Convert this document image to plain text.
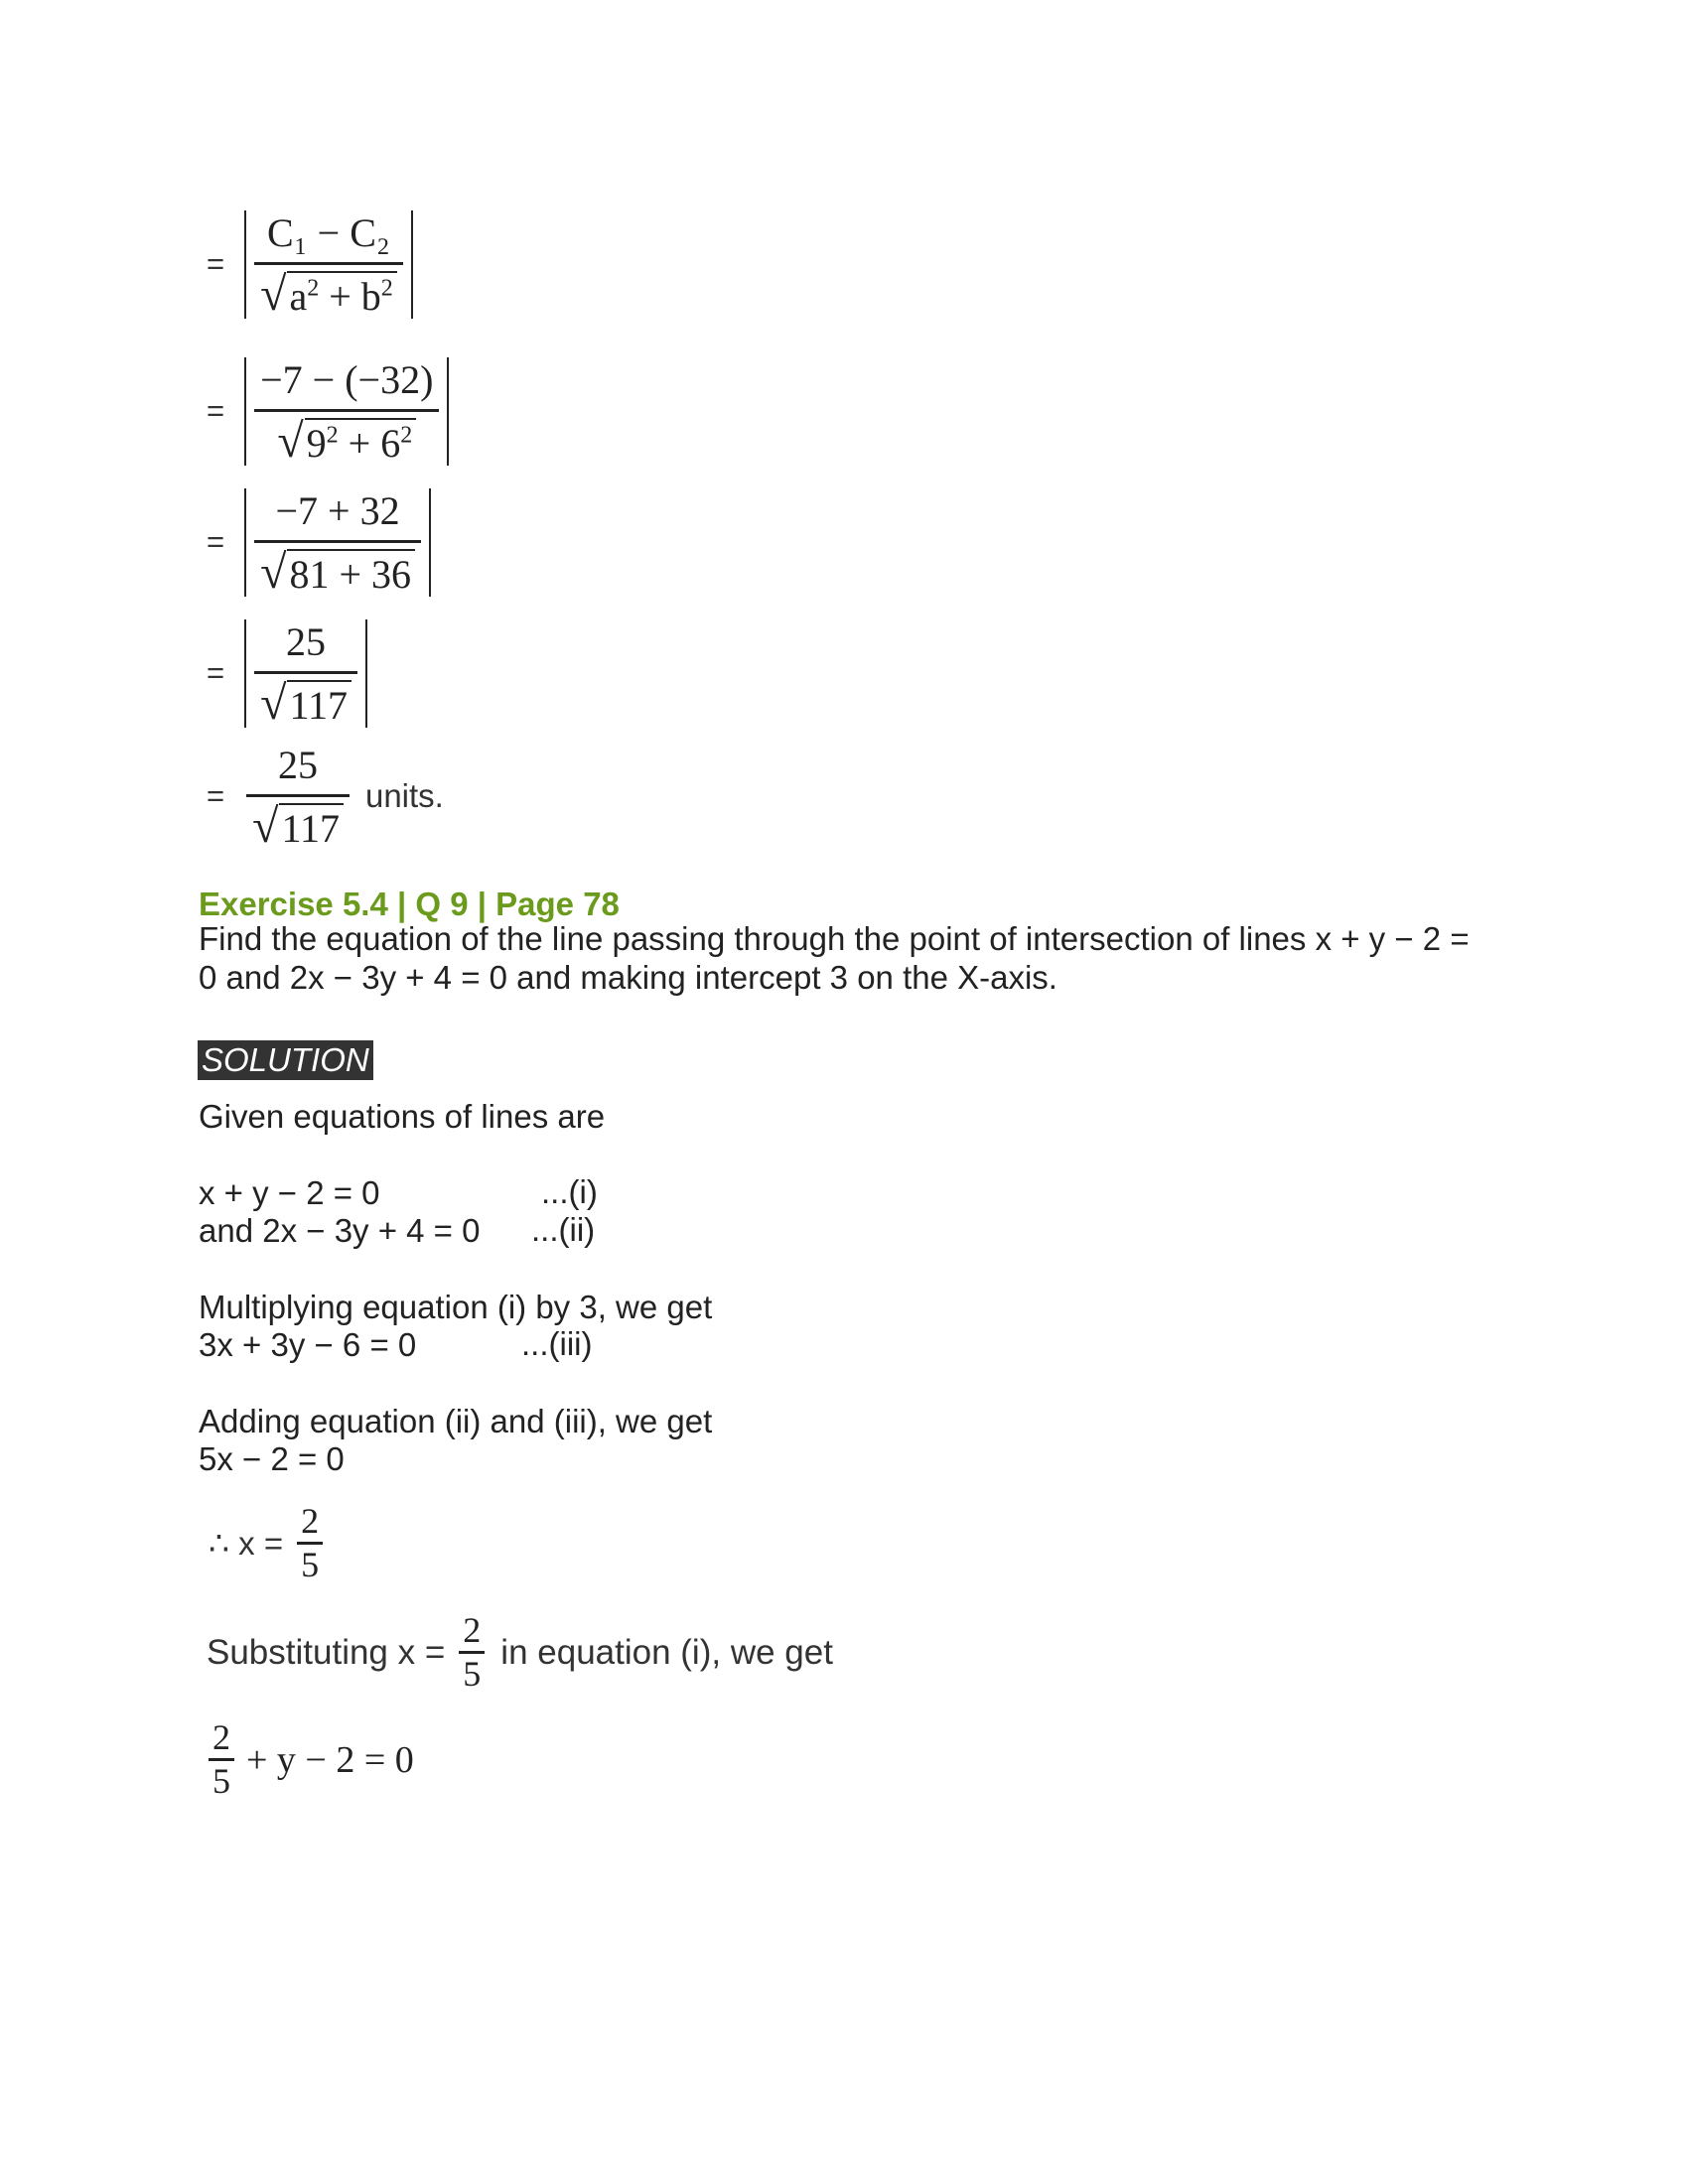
= $\frac{\text{C₁ − C₂}}{√ a^2 + b^2}$
= $\frac{-7 - (-32)}{√ 9^2 + 6^2}$
= $\frac{-7 + 32}{√ 81 + 36}$
= $\frac{25}{√ 117}$
= $\frac{25}{√ 117}$ units.
Exercise 5.4 | Q 9 | Page 78
Find the equation of the line passing through the point of intersection of lines x + y − 2 =
0 and 2x − 3y + 4 = 0 and making intercept 3 on the X-axis.
SOLUTION
Given equations of lines are
x + y − 2 = 0	...(i)
and 2x − 3y + 4 = 0 ...(ii)
Multiplying equation (i) by 3, we get
3x + 3y − 6 = 0	...(iii)
Adding equation (ii) and (iii), we get
5x − 2 = 0
∴ $x = \frac{2}{5}$
Substituting $x = \frac{2}{5}$ in equation (i), we get
$\frac{2}{5} + y - 2 = 0$
